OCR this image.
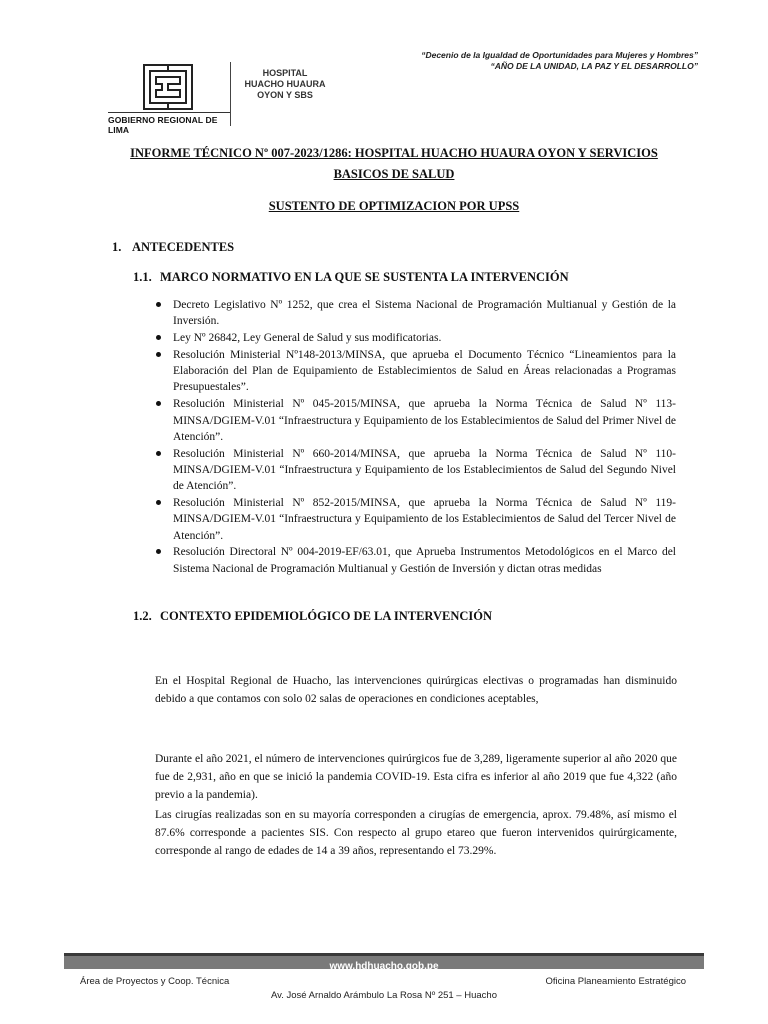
GOBIERNO REGIONAL DE LIMA
HOSPITAL
HUACHO HUAURA
OYON Y SBS
“Decenio de la Igualdad de Oportunidades para Mujeres y Hombres”
“AÑO DE LA UNIDAD, LA PAZ Y EL DESARROLLO”
INFORME TÉCNICO Nº 007-2023/1286: HOSPITAL HUACHO HUAURA OYON Y SERVICIOS
BASICOS DE SALUD
SUSTENTO DE OPTIMIZACION POR UPSS
1. ANTECEDENTES
1.1. MARCO NORMATIVO EN LA QUE SE SUSTENTA LA INTERVENCIÓN
Decreto Legislativo Nº 1252, que crea el Sistema Nacional de Programación Multianual y Gestión de la Inversión.
Ley Nº 26842, Ley General de Salud y sus modificatorias.
Resolución Ministerial Nº148-2013/MINSA, que aprueba el Documento Técnico “Lineamientos para la Elaboración del Plan de Equipamiento de Establecimientos de Salud en Áreas relacionadas a Programas Presupuestales”.
Resolución Ministerial Nº 045-2015/MINSA, que aprueba la Norma Técnica de Salud Nº 113-MINSA/DGIEM-V.01 “Infraestructura y Equipamiento de los Establecimientos de Salud del Primer Nivel de Atención”.
Resolución Ministerial Nº 660-2014/MINSA, que aprueba la Norma Técnica de Salud Nº 110-MINSA/DGIEM-V.01 “Infraestructura y Equipamiento de los Establecimientos de Salud del Segundo Nivel de Atención”.
Resolución Ministerial Nº 852-2015/MINSA, que aprueba la Norma Técnica de Salud Nº 119-MINSA/DGIEM-V.01 “Infraestructura y Equipamiento de los Establecimientos de Salud del Tercer Nivel de Atención”.
Resolución Directoral Nº 004-2019-EF/63.01, que Aprueba Instrumentos Metodológicos en el Marco del Sistema Nacional de Programación Multianual y Gestión de Inversión y dictan otras medidas
1.2. CONTEXTO EPIDEMIOLÓGICO DE LA INTERVENCIÓN

En el Hospital Regional de Huacho, las intervenciones quirúrgicas electivas o programadas han disminuido debido a que contamos con solo 02 salas de operaciones en condiciones aceptables,

Durante el año 2021, el número de intervenciones quirúrgicos fue de 3,289, ligeramente superior al año 2020 que fue de 2,931, año en que se inició la pandemia COVID-19. Esta cifra es inferior al año 2019 que fue 4,322 (año previo a la pandemia).

Las cirugías realizadas son en su mayoría corresponden a cirugías de emergencia, aprox. 79.48%, así mismo el 87.6% corresponde a pacientes SIS. Con respecto al grupo etareo que fueron intervenidos quirúrgicamente, corresponde al rango de edades de 14 a 39 años, representando el 73.29%.

www.hdhuacho.gob.pe
Área de Proyectos y Coop. Técnica	Oficina Planeamiento Estratégico
Av. José Arnaldo Arámbulo La Rosa Nº 251 – Huacho
